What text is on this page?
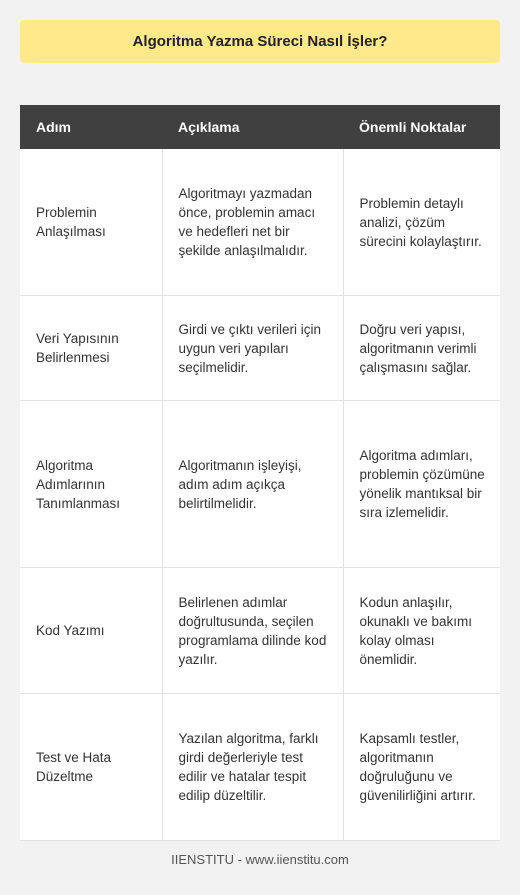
Algoritma Yazma Süreci Nasıl İşler?
Adım	Açıklama	Önemli Noktalar
Problemin Anlaşılması	Algoritmayı yazmadan önce, problemin amacı ve hedefleri net bir şekilde anlaşılmalıdır.	Problemin detaylı analizi, çözüm sürecini kolaylaştırır.
Veri Yapısının Belirlenmesi	Girdi ve çıktı verileri için uygun veri yapıları seçilmelidir.	Doğru veri yapısı, algoritmanın verimli çalışmasını sağlar.
Algoritma Adımlarının Tanımlanması	Algoritmanın işleyişi, adım adım açıkça belirtilmelidir.	Algoritma adımları, problemin çözümüne yönelik mantıksal bir sıra izlemelidir.
Kod Yazımı	Belirlenen adımlar doğrultusunda, seçilen programlama dilinde kod yazılır.	Kodun anlaşılır, okunaklı ve bakımı kolay olması önemlidir.
Test ve Hata Düzeltme	Yazılan algoritma, farklı girdi değerleriyle test edilir ve hatalar tespit edilip düzeltilir.	Kapsamlı testler, algoritmanın doğruluğunu ve güvenilirliğini artırır.
IIENSTITU - www.iienstitu.com
